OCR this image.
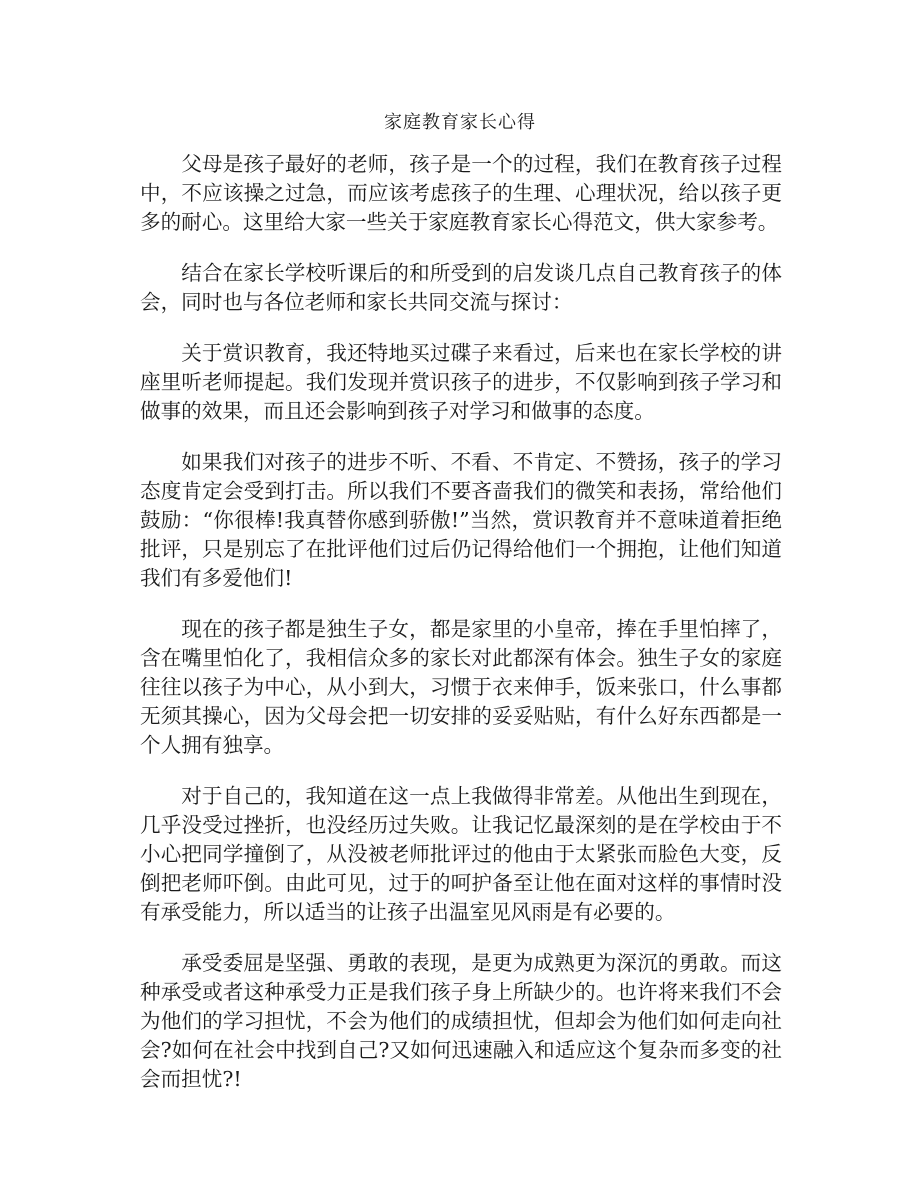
家庭教育家长心得

父母是孩子最好的老师，孩子是一个的过程，我们在教育孩子过程中，不应该操之过急，而应该考虑孩子的生理、心理状况，给以孩子更多的耐心。这里给大家一些关于家庭教育家长心得范文，供大家参考。

结合在家长学校听课后的和所受到的启发谈几点自己教育孩子的体会，同时也与各位老师和家长共同交流与探讨：

关于赏识教育，我还特地买过碟子来看过，后来也在家长学校的讲座里听老师提起。我们发现并赏识孩子的进步，不仅影响到孩子学习和做事的效果，而且还会影响到孩子对学习和做事的态度。

如果我们对孩子的进步不听、不看、不肯定、不赞扬，孩子的学习态度肯定会受到打击。所以我们不要吝啬我们的微笑和表扬，常给他们鼓励：“你很棒!我真替你感到骄傲!”当然，赏识教育并不意味道着拒绝批评，只是别忘了在批评他们过后仍记得给他们一个拥抱，让他们知道我们有多爱他们!

现在的孩子都是独生子女，都是家里的小皇帝，捧在手里怕摔了，含在嘴里怕化了，我相信众多的家长对此都深有体会。独生子女的家庭往往以孩子为中心，从小到大，习惯于衣来伸手，饭来张口，什么事都无须其操心，因为父母会把一切安排的妥妥贴贴，有什么好东西都是一个人拥有独享。

对于自己的，我知道在这一点上我做得非常差。从他出生到现在，几乎没受过挫折，也没经历过失败。让我记忆最深刻的是在学校由于不小心把同学撞倒了，从没被老师批评过的他由于太紧张而脸色大变，反倒把老师吓倒。由此可见，过于的呵护备至让他在面对这样的事情时没有承受能力，所以适当的让孩子出温室见风雨是有必要的。

承受委屈是坚强、勇敢的表现，是更为成熟更为深沉的勇敢。而这种承受或者这种承受力正是我们孩子身上所缺少的。也许将来我们不会为他们的学习担忧，不会为他们的成绩担忧，但却会为他们如何走向社会?如何在社会中找到自己?又如何迅速融入和适应这个复杂而多变的社会而担忧?!
